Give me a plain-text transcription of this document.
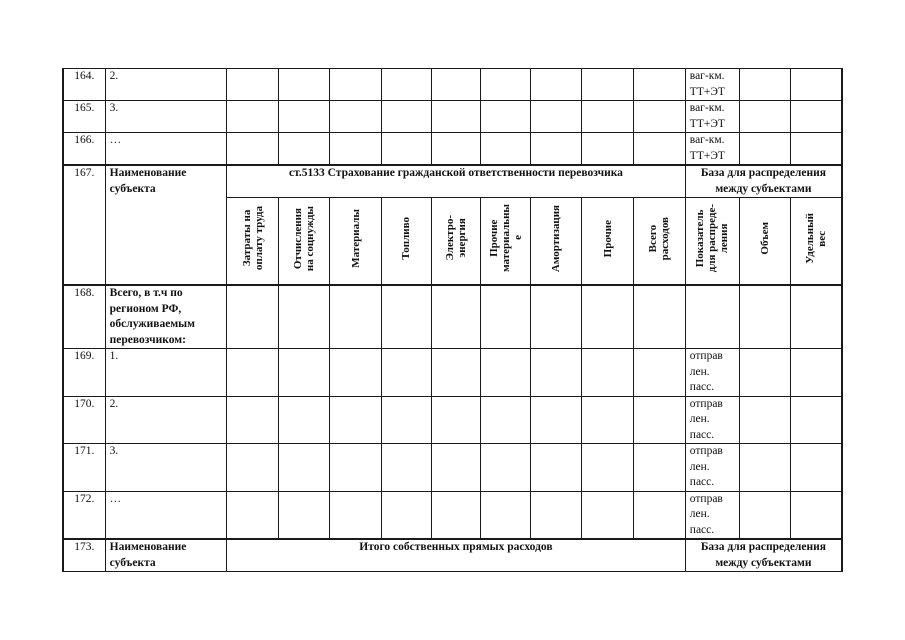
164.	2.										ваг-км.
ТТ+ЭТ		
165.	3.										ваг-км.
ТТ+ЭТ		
166.	…										ваг-км.
ТТ+ЭТ		
167.	Наименование субъекта	ст.5133 Страхование гражданской ответственности перевозчика									База для распределения между субъектами		
		Затраты на
оплату труда	Отчисления
на соцнужды	Материалы	Топливо	Электро-
энергия	Прочие
материальны
е	Амортизация	Прочие	Всего
расходов	Показатель
для распреде-
ления	Объем	Удельный
вес
168.	Всего, в т.ч по регионом РФ, обслуживаемым перевозчиком:												
169.	1.										отправ
лен.
пасс.		
170.	2.										отправ
лен.
пасс.		
171.	3.										отправ
лен.
пасс.		
172.	…										отправ
лен.
пасс.		
173.	Наименование субъекта	Итого собственных прямых расходов									База для распределения между субъектами		
